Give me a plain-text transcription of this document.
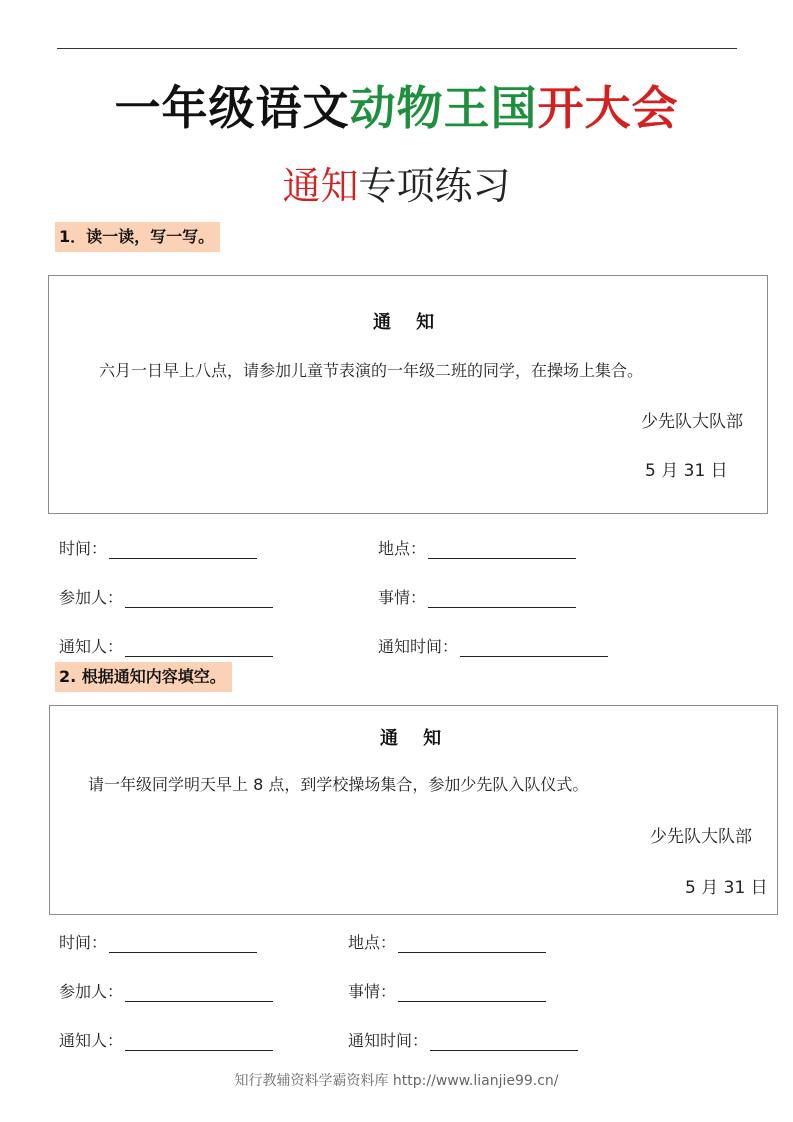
一年级语文动物王国开大会
通知专项练习
1．读一读，写一写。
通    知
六月一日早上八点，请参加儿童节表演的一年级二班的同学，在操场上集合。
少先队大队部
5 月 31 日
时间：	地点：
参加人：	事情：
通知人：	通知时间：
2. 根据通知内容填空。
通    知
请一年级同学明天早上 8 点，到学校操场集合，参加少先队入队仪式。
少先队大队部
5 月 31 日
时间：	地点：
参加人：	事情：
通知人：	通知时间：
知行教辅资料学霸资料库 http://www.lianjie99.cn/
